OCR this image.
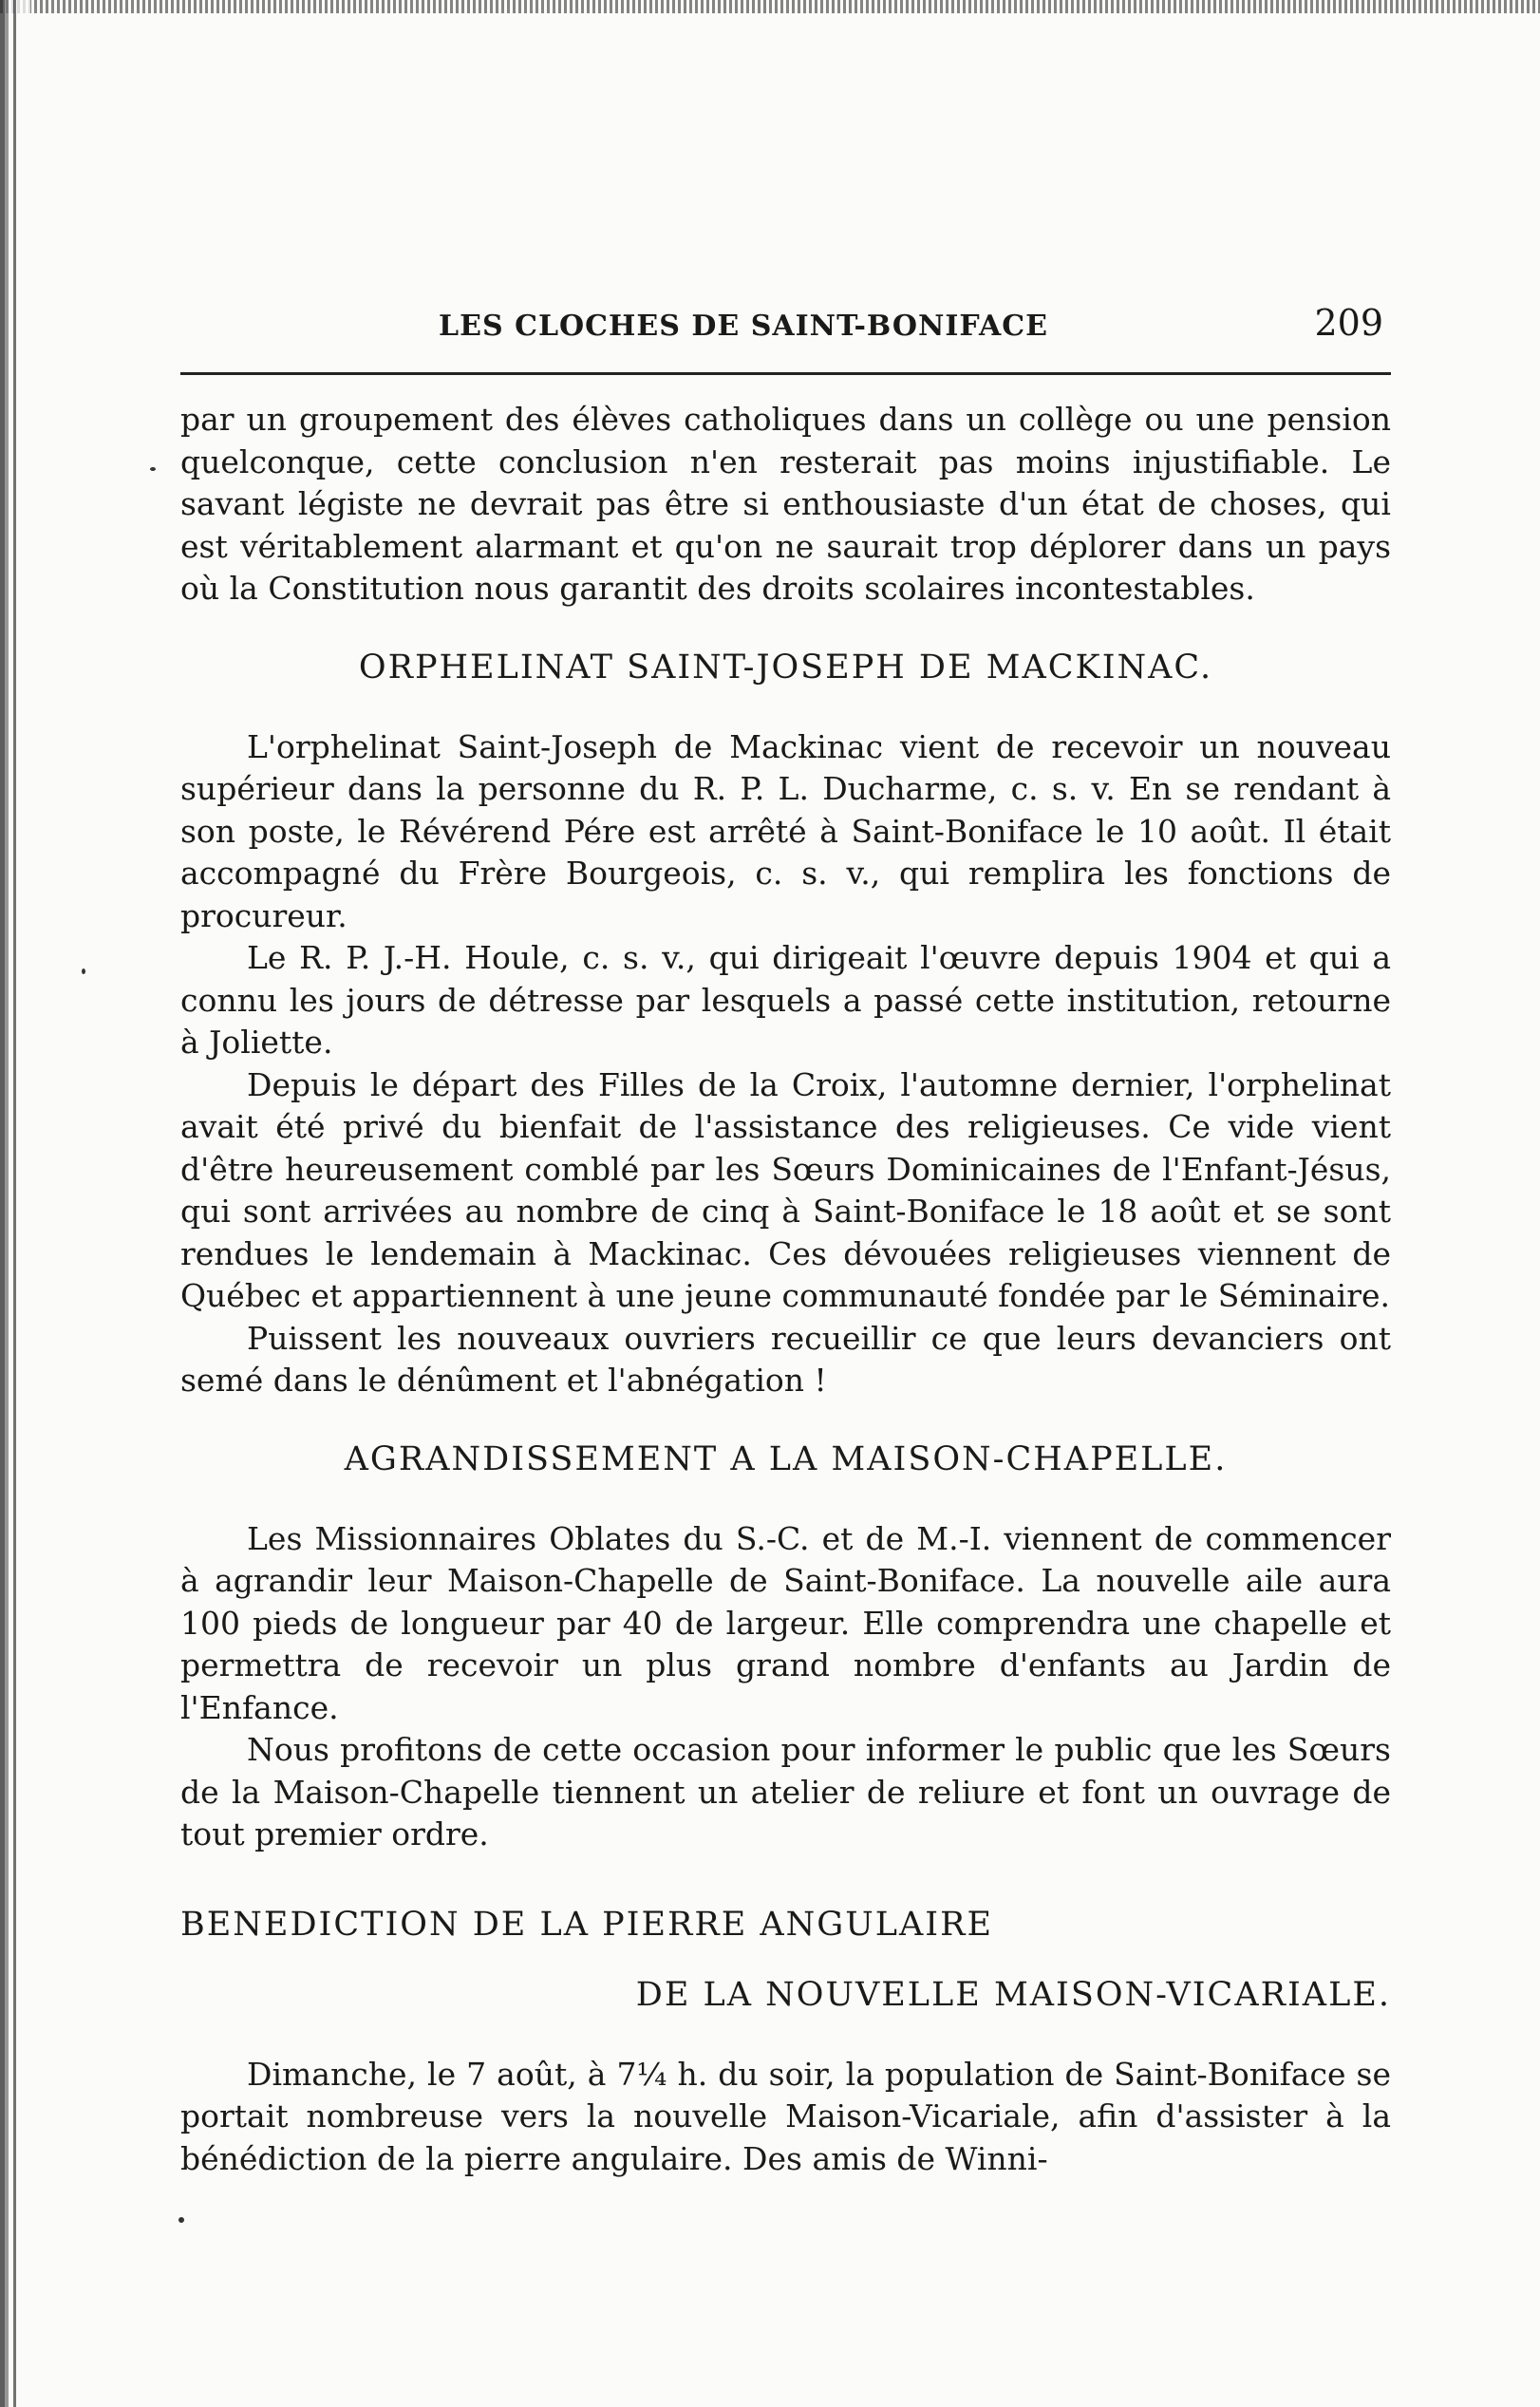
LES CLOCHES DE SAINT-BONIFACE	209

par un groupement des élèves catholiques dans un collège ou une pension quelconque, cette conclusion n'en resterait pas moins injustifiable. Le savant légiste ne devrait pas être si enthousiaste d'un état de choses, qui est véritablement alarmant et qu'on ne saurait trop déplorer dans un pays où la Constitution nous garantit des droits scolaires incontestables.

ORPHELINAT SAINT-JOSEPH DE MACKINAC.

L'orphelinat Saint-Joseph de Mackinac vient de recevoir un nouveau supérieur dans la personne du R. P. L. Ducharme, c. s. v. En se rendant à son poste, le Révérend Pére est arrêté à Saint-Boniface le 10 août. Il était accompagné du Frère Bourgeois, c. s. v., qui remplira les fonctions de procureur.

Le R. P. J.-H. Houle, c. s. v., qui dirigeait l'œuvre depuis 1904 et qui a connu les jours de détresse par lesquels a passé cette institution, retourne à Joliette.

Depuis le départ des Filles de la Croix, l'automne dernier, l'orphelinat avait été privé du bienfait de l'assistance des religieuses. Ce vide vient d'être heureusement comblé par les Sœurs Dominicaines de l'Enfant-Jésus, qui sont arrivées au nombre de cinq à Saint-Boniface le 18 août et se sont rendues le lendemain à Mackinac. Ces dévouées religieuses viennent de Québec et appartiennent à une jeune communauté fondée par le Séminaire.

Puissent les nouveaux ouvriers recueillir ce que leurs devanciers ont semé dans le dénûment et l'abnégation !

AGRANDISSEMENT A LA MAISON-CHAPELLE.

Les Missionnaires Oblates du S.-C. et de M.-I. viennent de commencer à agrandir leur Maison-Chapelle de Saint-Boniface. La nouvelle aile aura 100 pieds de longueur par 40 de largeur. Elle comprendra une chapelle et permettra de recevoir un plus grand nombre d'enfants au Jardin de l'Enfance.

Nous profitons de cette occasion pour informer le public que les Sœurs de la Maison-Chapelle tiennent un atelier de reliure et font un ouvrage de tout premier ordre.

BENEDICTION DE LA PIERRE ANGULAIRE
DE LA NOUVELLE MAISON-VICARIALE.

Dimanche, le 7 août, à 7¼ h. du soir, la population de Saint-Boniface se portait nombreuse vers la nouvelle Maison-Vicariale, afin d'assister à la bénédiction de la pierre angulaire. Des amis de Winni-
